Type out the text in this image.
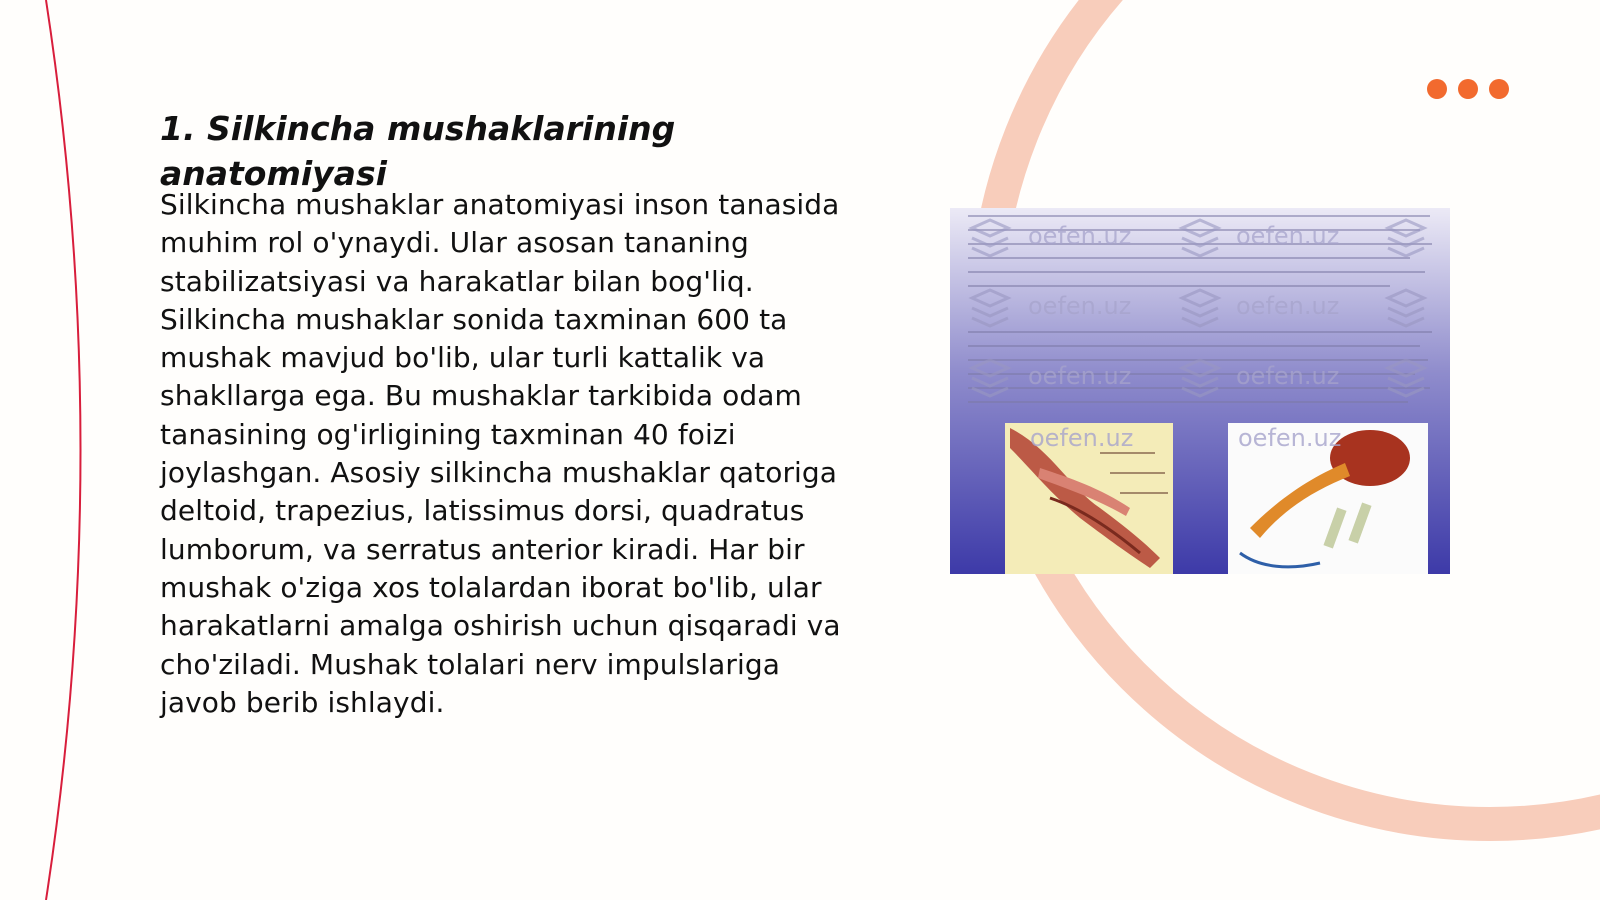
1. Silkincha mushaklarining anatomiyasi

Silkincha mushaklar anatomiyasi inson tanasida muhim rol o'ynaydi. Ular asosan tananing stabilizatsiyasi va harakatlar bilan bog'liq. Silkincha mushaklar sonida taxminan 600 ta mushak mavjud bo'lib, ular turli kattalik va shakllarga ega. Bu mushaklar tarkibida odam tanasining og'irligining taxminan 40 foizi joylashgan. Asosiy silkincha mushaklar qatoriga deltoid, trapezius, latissimus dorsi, quadratus lumborum, va serratus anterior kiradi. Har bir mushak o'ziga xos tolalardan iborat bo'lib, ular harakatlarni amalga oshirish uchun qisqaradi va cho'ziladi. Mushak tolalari nerv impulslariga javob berib ishlaydi.

oefen.uz	oefen.uz
oefen.uz	oefen.uz
oefen.uz	oefen.uz
oefen.uz	oefen.uz
